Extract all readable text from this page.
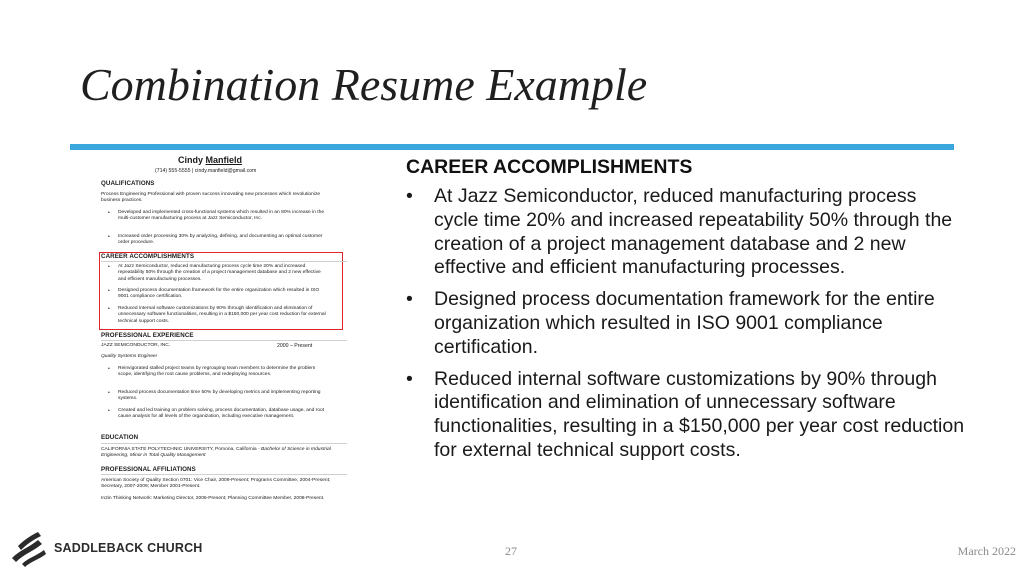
Combination Resume Example
Cindy Manfield
(714) 555-5555 | cindy.manfield@gmail.com
QUALIFICATIONS
Process Engineering Professional with proven success innovating new processes which revolutionize business practices.
• Developed and implemented cross-functional systems which resulted in an 80% increase in the multi-customer manufacturing process at Jazz Semiconductor, Inc.
• Increased order processing 30% by analyzing, defining, and documenting an optimal customer order procedure.
CAREER ACCOMPLISHMENTS
• At Jazz Semiconductor, reduced manufacturing process cycle time 20% and increased repeatability 50% through the creation of a project management database and 2 new effective and efficient manufacturing processes.
• Designed process documentation framework for the entire organization which resulted in ISO 9001 compliance certification.
• Reduced internal software customizations by 90% through identification and elimination of unnecessary software functionalities, resulting in a $150,000 per year cost reduction for external technical support costs.
PROFESSIONAL EXPERIENCE
JAZZ SEMICONDUCTOR, INC.	2000 – Present
Quality Systems Engineer
• Reinvigorated stalled project teams by regrouping team members to determine the problem scope, identifying the root cause problems, and redeploying resources.
• Reduced process documentation time 50% by developing metrics and implementing reporting systems.
• Created and led training on problem solving, process documentation, database usage, and root cause analysis for all levels of the organization, including executive management.
EDUCATION
CALIFORNIA STATE POLYTECHNIC UNIVERSITY, Pomona, California - Bachelor of Science in Industrial Engineering, Minor in Total Quality Management
PROFESSIONAL AFFILIATIONS
American Society of Quality Section 0701: Vice Chair, 2009-Present; Programs Committee, 2004-Present; Secretary, 2007-2009; Member 2001-Present.
In2in Thinking Network: Marketing Director, 2006-Present; Planning Committee Member, 2008-Present.
CAREER ACCOMPLISHMENTS
• At Jazz Semiconductor, reduced manufacturing process cycle time 20% and increased repeatability 50% through the creation of a project management database and 2 new effective and efficient manufacturing processes.
• Designed process documentation framework for the entire organization which resulted in ISO 9001 compliance certification.
• Reduced internal software customizations by 90% through identification and elimination of unnecessary software functionalities, resulting in a $150,000 per year cost reduction for external technical support costs.
SADDLEBACK CHURCH	27	March 2022
